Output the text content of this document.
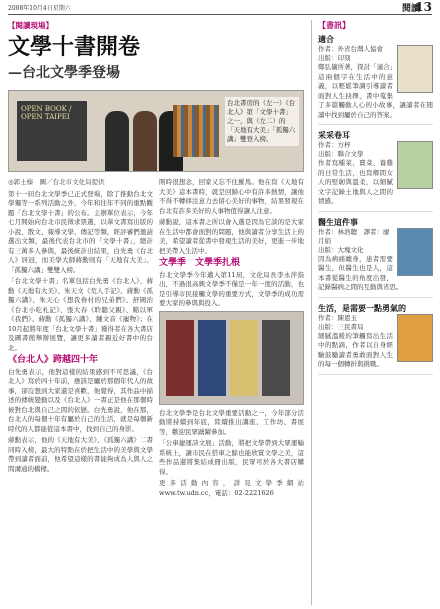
2008年10月4日星期六	閱讀
13
【閱讀現場】
文學十書開卷
—台北文學季登場
OPEN BOOK / OPEN TAIPEI
台北書房的（左一）《台北人》第「文學十書」之一，與（左二）的「天地有大美」「孤獨六講」雙登入榜。
◎郭士榛　圖／台北市文化局提供

第十一屆台北文學季已正式登場，除了推動台北文學獨等一系列活動之外，今年和往年不同的重點觀題「台北文學十書」的公布。主辦單位表示，今年七月開始向台北市民徵求票選，以華文書寫出版的小說、散文、報導文學、傳記等類，經評審們邀請選出文類，最後代表台北市的「文學十書」，總計有三萬多人參與，最後統計出結果，白先勇《台北人》居冠，而美學大師蔣勳則有「天地有大美」、「孤獨六講」雙雙入榜。

「台北文學十書」名單包括白先勇《台北人》、蔣勳《天地有大美》、朱天文《荒人手記》、蔣勳《孤獨六講》、朱天心《想我眷村的兄弟們》、舒國治《台北小吃札記》、張大春《聆聽父親》、駱以軍《我們》、蔣勳《孤獨六講》、鍾文音《寵物》；在10月起將年度「台北文學十書」獲得者在各大書店及圖書館舉辦展覽，讓更多讀者親近好書中的台北。

《台北人》跨越四十年

白先勇表示，他對這樣的結果感到不可思議，《台北人》寫於四十年前，應該是屬於那個年代人的故事，卻沒想到大家還是喜歡，他覺得，其作品中描述的傳統變動以及《台北人》一書正是他在那個時候對台北與自己之間的依戀。白先勇說，他在那，台北人的每個十年有屬於自己的生活，就是每個新時代的人都能從這本書中，找到自己的身影。

蔣勳表示，他的《天地有大美》、《孤獨六講》二書同時入榜，最大的特點在於把生活中的美學與文學帶到讀者面前，他希望這樣的書能夠成為人與人之間溝通的橋樑。

開時很想念，回家又忘不住羅馬。他在寫《天地有大美》這本書時，就是回歸心中有許多熱情，讓他不得不轉移注意力去留心美好的事物，結果發現在台北有許多美好的人事物值得讓人注意。

蔣勳說，這本書之所以會入選是因為它談的是大家在生活中都會面對的問題，他與讀者分享生活上的美，希望讀者從書中發現生活的美好，更進一步地把美帶入生活中。

文學季　文學季扎根

台北文學季今年邁入第11屆，文化局長李永萍指出，不過很高興文學季不僅是一年一度的活動，也是引導市民接觸文學的重要方式，文學季的成功需要大家的參與與投入。

台北文學季是台北文學重要活動之一，今年部分活動將持續到年底，陸續推出講座、工作坊、書展等，歡迎民眾踴躍參加。

「公車捷運詩文展」活動，將把文學帶到大眾運輸系統上，讓市民在搭車之餘也能欣賞文學之美，這些作品還將集結成冊出版，民眾可於各大書店購得。

更多活動內容，詳見文學季網站 www.tw.udn.cc，電話：02-2221626
【書訊】
適合
作者：外省台灣人協會
出版：印刻
鄭弘儀所著，探討「適合」這兩個字在生活中的意義，以輕鬆筆調引導讀者面對人生抉擇，書中蒐集了多篇觸動人心的小故事，讓讀者在閱讀中找到屬於自己的答案。
采采卷耳
作者：方梓
出版：聯合文學
作者寫種菜、賣菜、養雞的日常生活，也寫鄉間女人的堅韌與溫柔，以細膩文字記錄土地與人之間的情感。
醫生這件事
作者：林浩聰　譯者：廖月娟
出版：大塊文化
因為病痛纏身，患者需要醫生，但醫生也是人，這本書從醫生的角度出發，記錄醫病之間的互動與省思。
生活，是需要一點勇氣的
作者：陳恩玉
出版：三民書局
細膩溫暖的筆觸寫出生活中的點滴，作者以自身經驗鼓勵讀者勇敢面對人生的每一個轉折與挑戰。
